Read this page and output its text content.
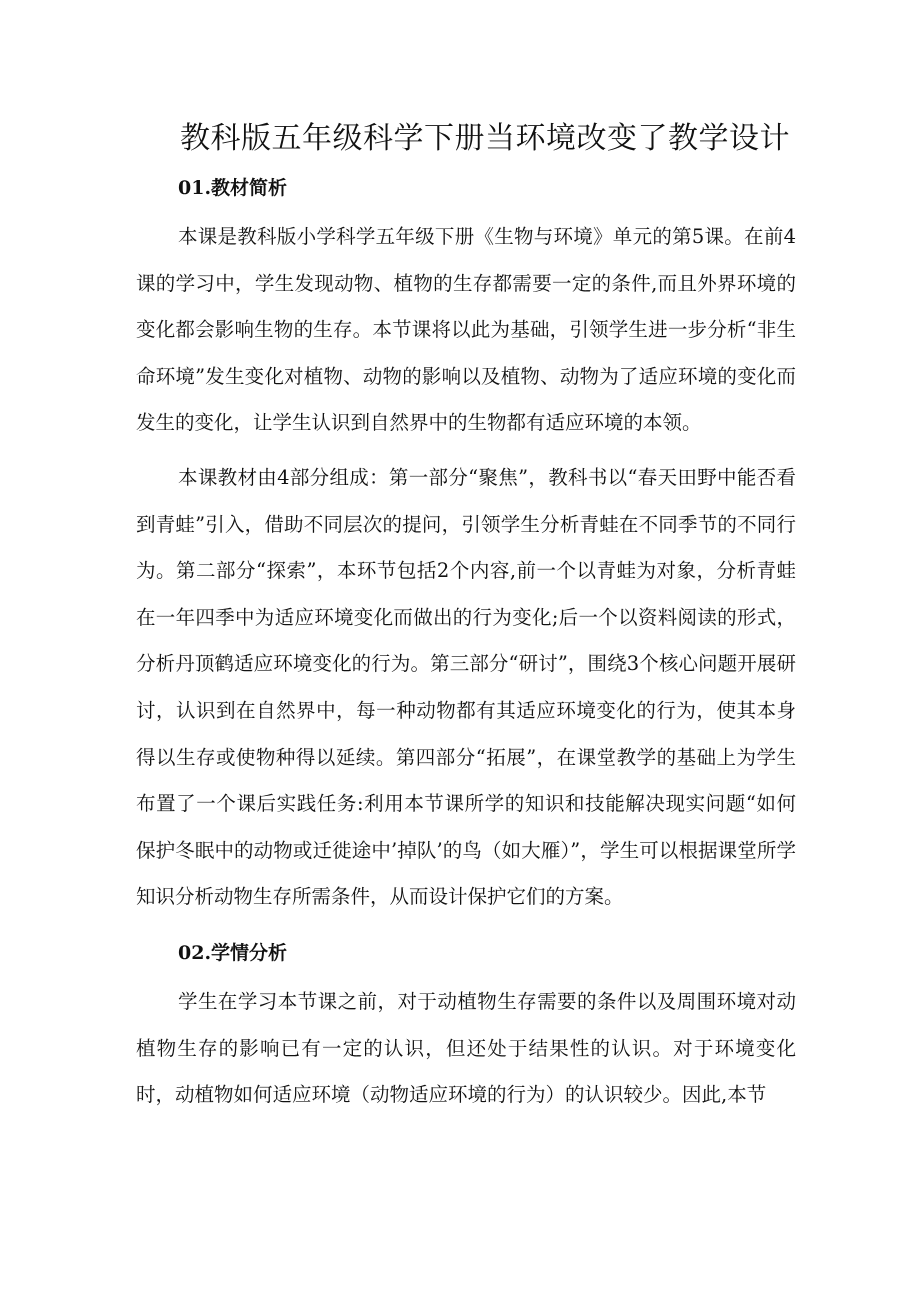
教科版五年级科学下册当环境改变了教学设计
01.教材简析

本课是教科版小学科学五年级下册《生物与环境》单元的第5课。在前4课的学习中，学生发现动物、植物的生存都需要一定的条件,而且外界环境的变化都会影响生物的生存。本节课将以此为基础，引领学生进一步分析“非生命环境”发生变化对植物、动物的影响以及植物、动物为了适应环境的变化而发生的变化，让学生认识到自然界中的生物都有适应环境的本领。

本课教材由4部分组成：第一部分“聚焦”，教科书以“春天田野中能否看到青蛙”引入，借助不同层次的提问，引领学生分析青蛙在不同季节的不同行为。第二部分“探索”，本环节包括2个内容,前一个以青蛙为对象，分析青蛙在一年四季中为适应环境变化而做出的行为变化;后一个以资料阅读的形式，分析丹顶鹤适应环境变化的行为。第三部分“研讨”，围绕3个核心问题开展研讨，认识到在自然界中，每一种动物都有其适应环境变化的行为，使其本身得以生存或使物种得以延续。第四部分“拓展”，在课堂教学的基础上为学生布置了一个课后实践任务:利用本节课所学的知识和技能解决现实问题“如何保护冬眠中的动物或迁徙途中’掉队’的鸟（如大雁）”，学生可以根据课堂所学知识分析动物生存所需条件，从而设计保护它们的方案。

02.学情分析

学生在学习本节课之前，对于动植物生存需要的条件以及周围环境对动植物生存的影响已有一定的认识，但还处于结果性的认识。对于环境变化时，动植物如何适应环境（动物适应环境的行为）的认识较少。因此,本节
